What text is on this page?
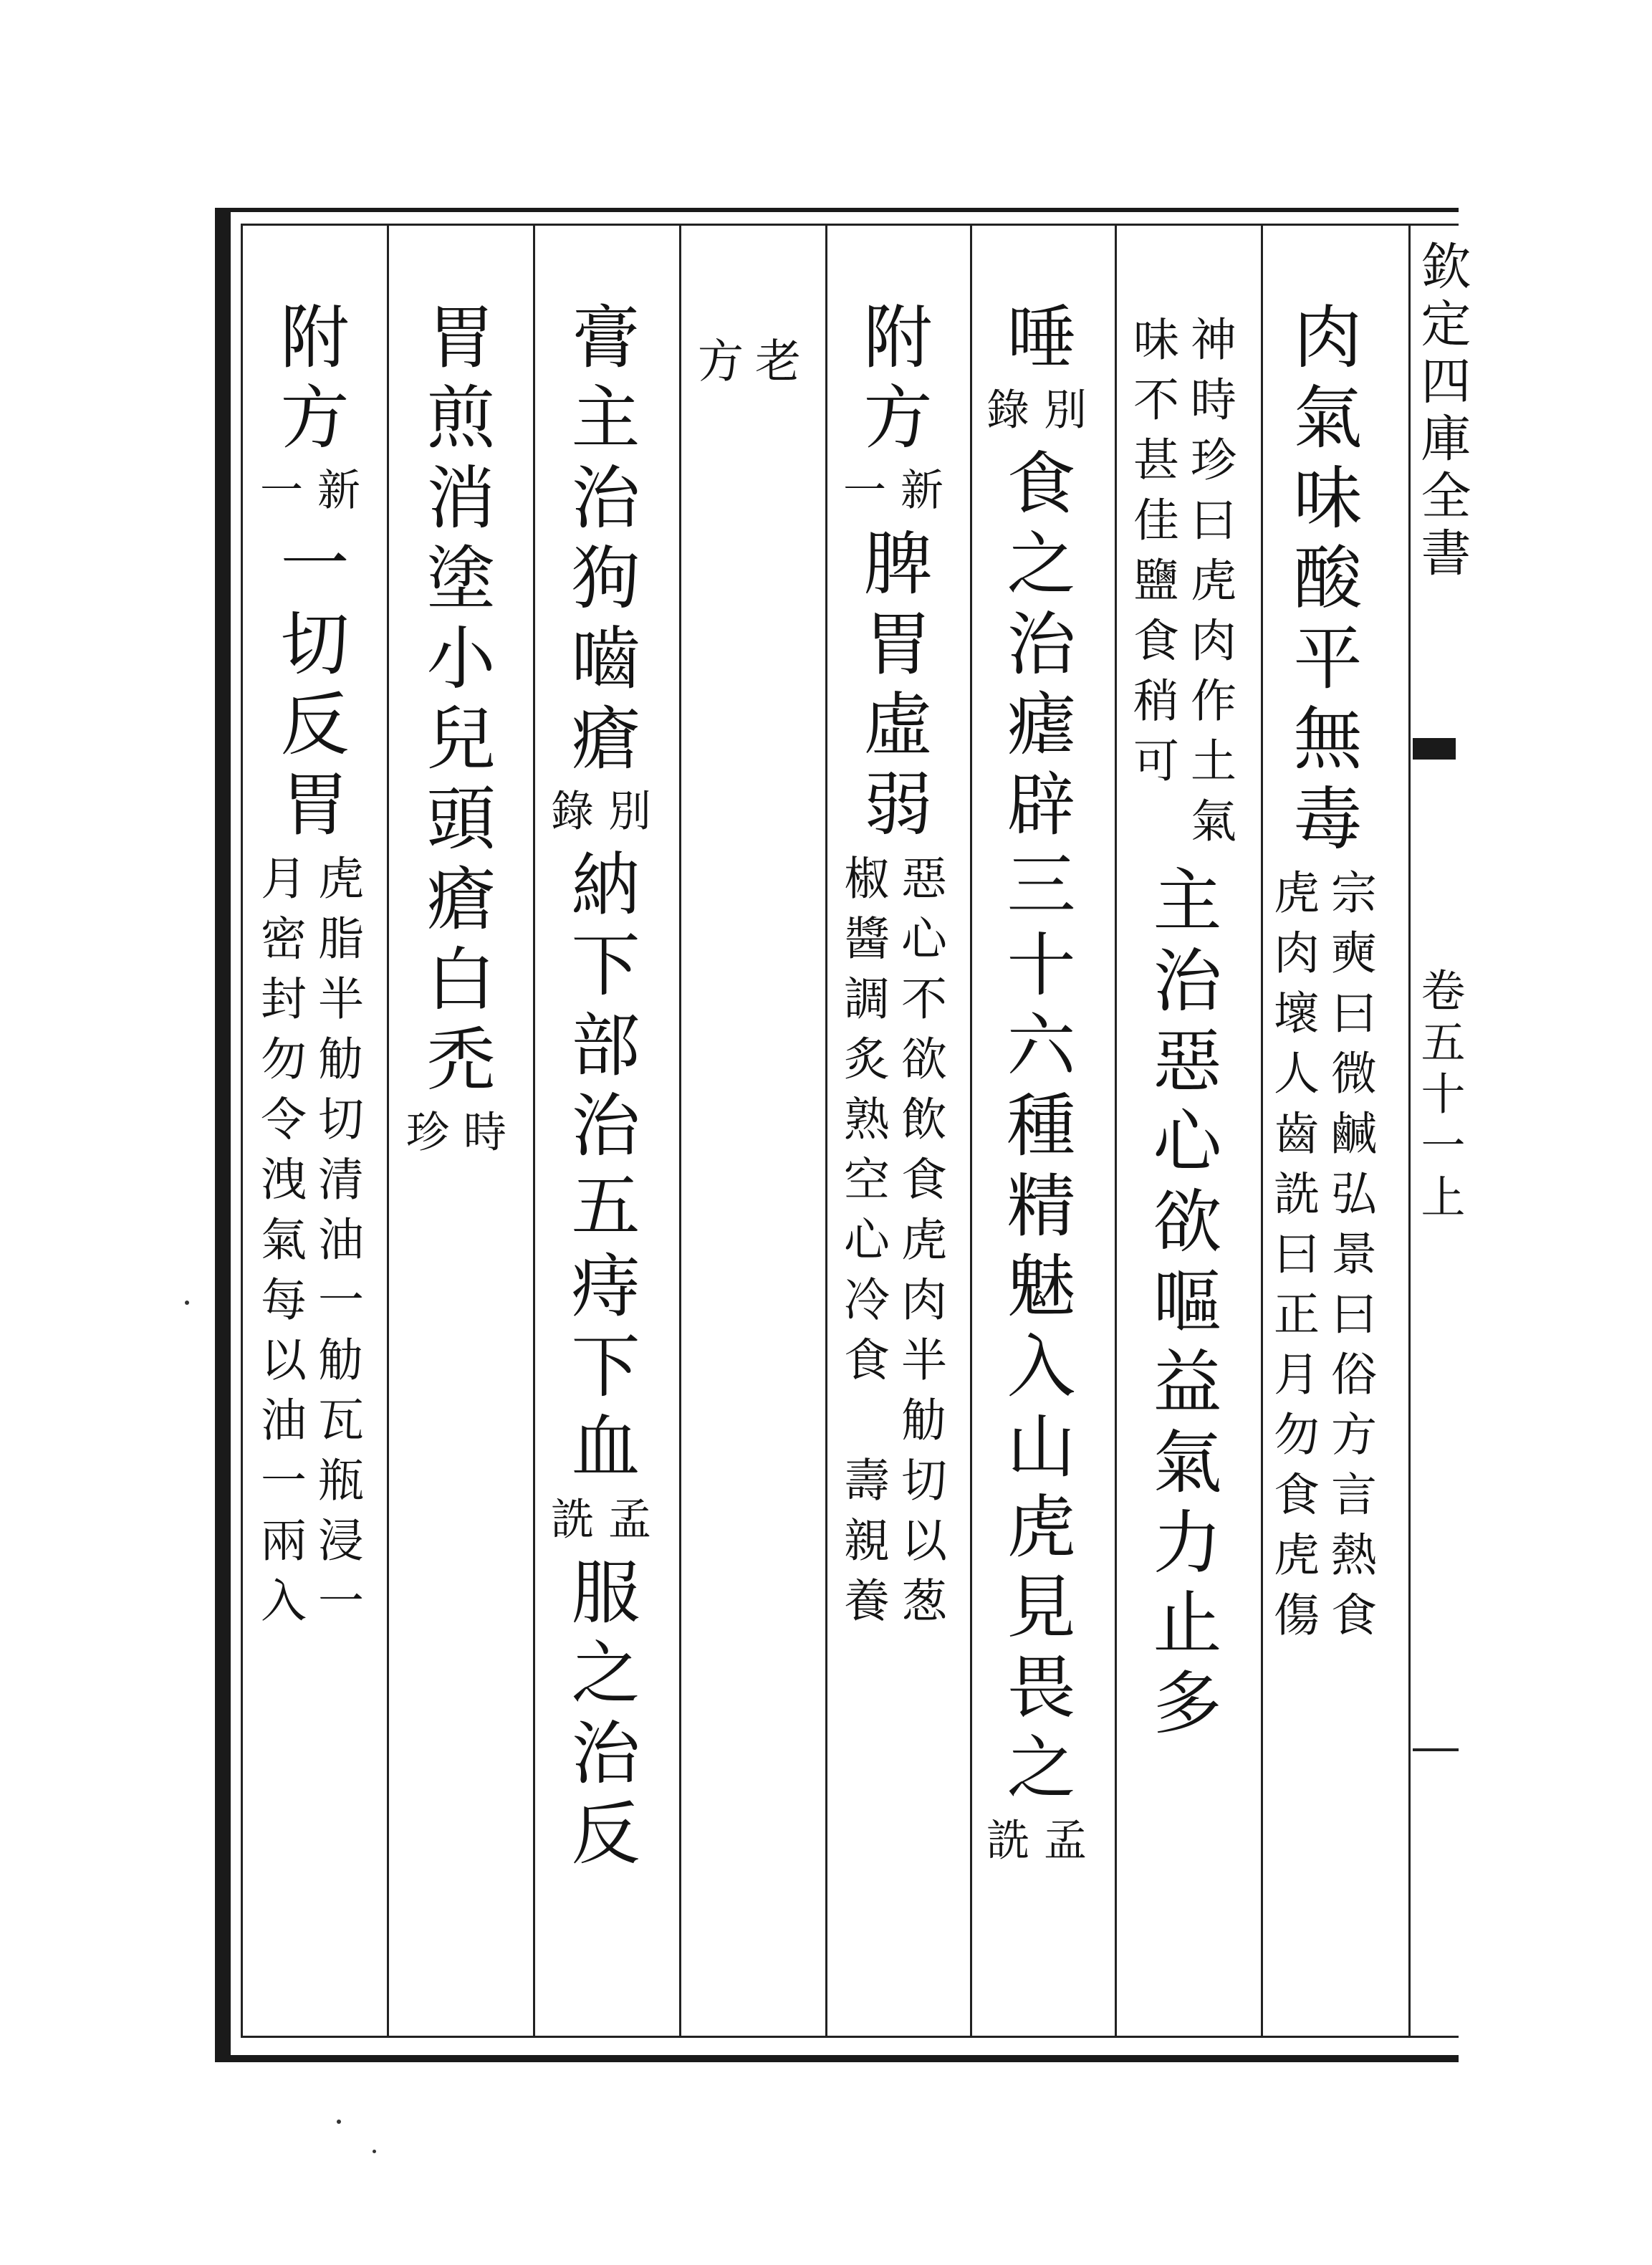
欽定四庫全書
卷五十一上
肉氣味酸平無毒
宗奭曰微鹹弘景曰俗方言熱食
虎肉壞人齒詵曰正月勿食虎傷
神時珍曰虎肉作土氣
味不甚佳鹽食稍可
主治惡心欲嘔益氣力止多
唾
別
錄
食之治瘧辟三十六種精魅入山虎見畏之
孟
詵
附方
新
一
脾胃虛弱
惡心不欲飲食虎肉半觔切以葱
椒醬調炙熟空心冷食　壽親養
老
方
膏主治狗嚙瘡
別
錄
納下部治五痔下血
孟
詵
服之治反
胃煎消塗小兒頭瘡白禿
時
珍
附方
新
一
一切反胃
虎脂半觔切清油一觔瓦瓶浸一
月密封勿令洩氣每以油一兩入
